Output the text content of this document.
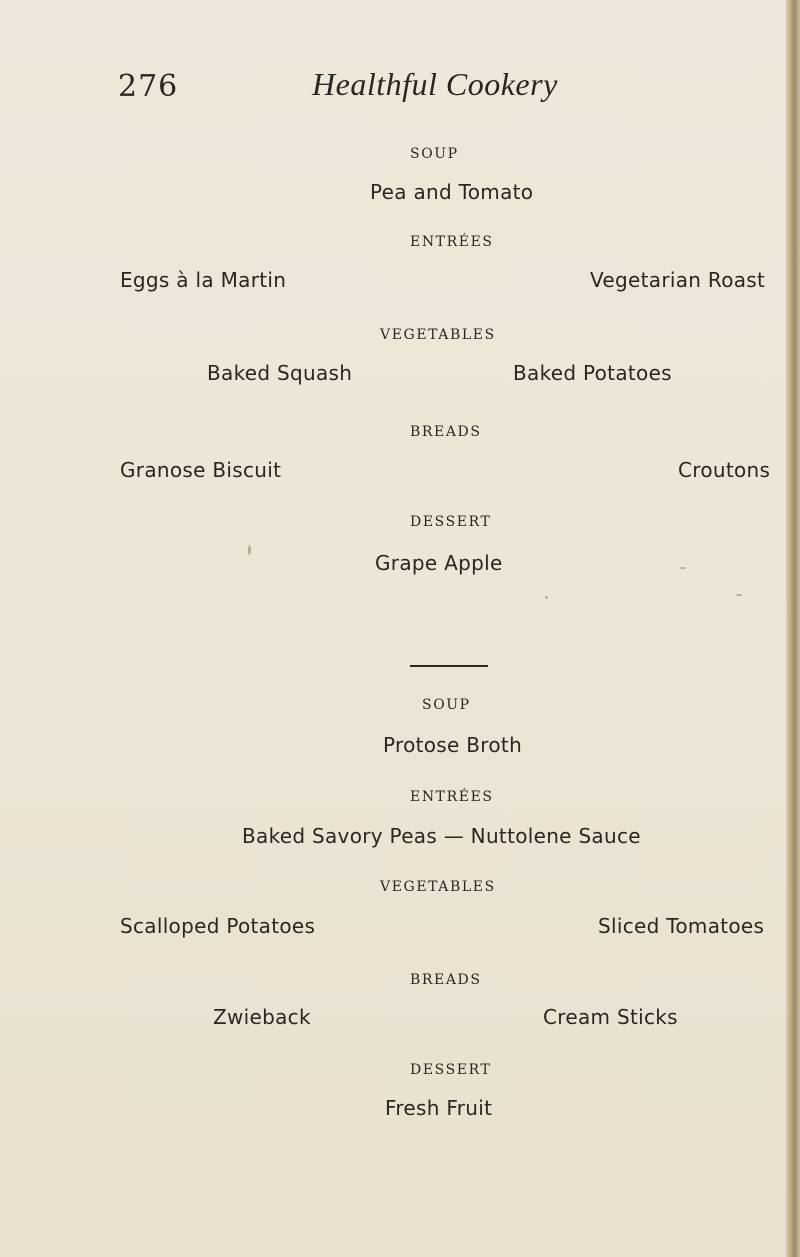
276	Healthful Cookery
SOUP
Pea and Tomato
ENTRÉES
Eggs à la Martin	Vegetarian Roast
VEGETABLES
Baked Squash	Baked Potatoes
BREADS
Granose Biscuit	Croutons
DESSERT
Grape Apple
SOUP
Protose Broth
ENTRÉES
Baked Savory Peas — Nuttolene Sauce
VEGETABLES
Scalloped Potatoes	Sliced Tomatoes
BREADS
Zwieback	Cream Sticks
DESSERT
Fresh Fruit
